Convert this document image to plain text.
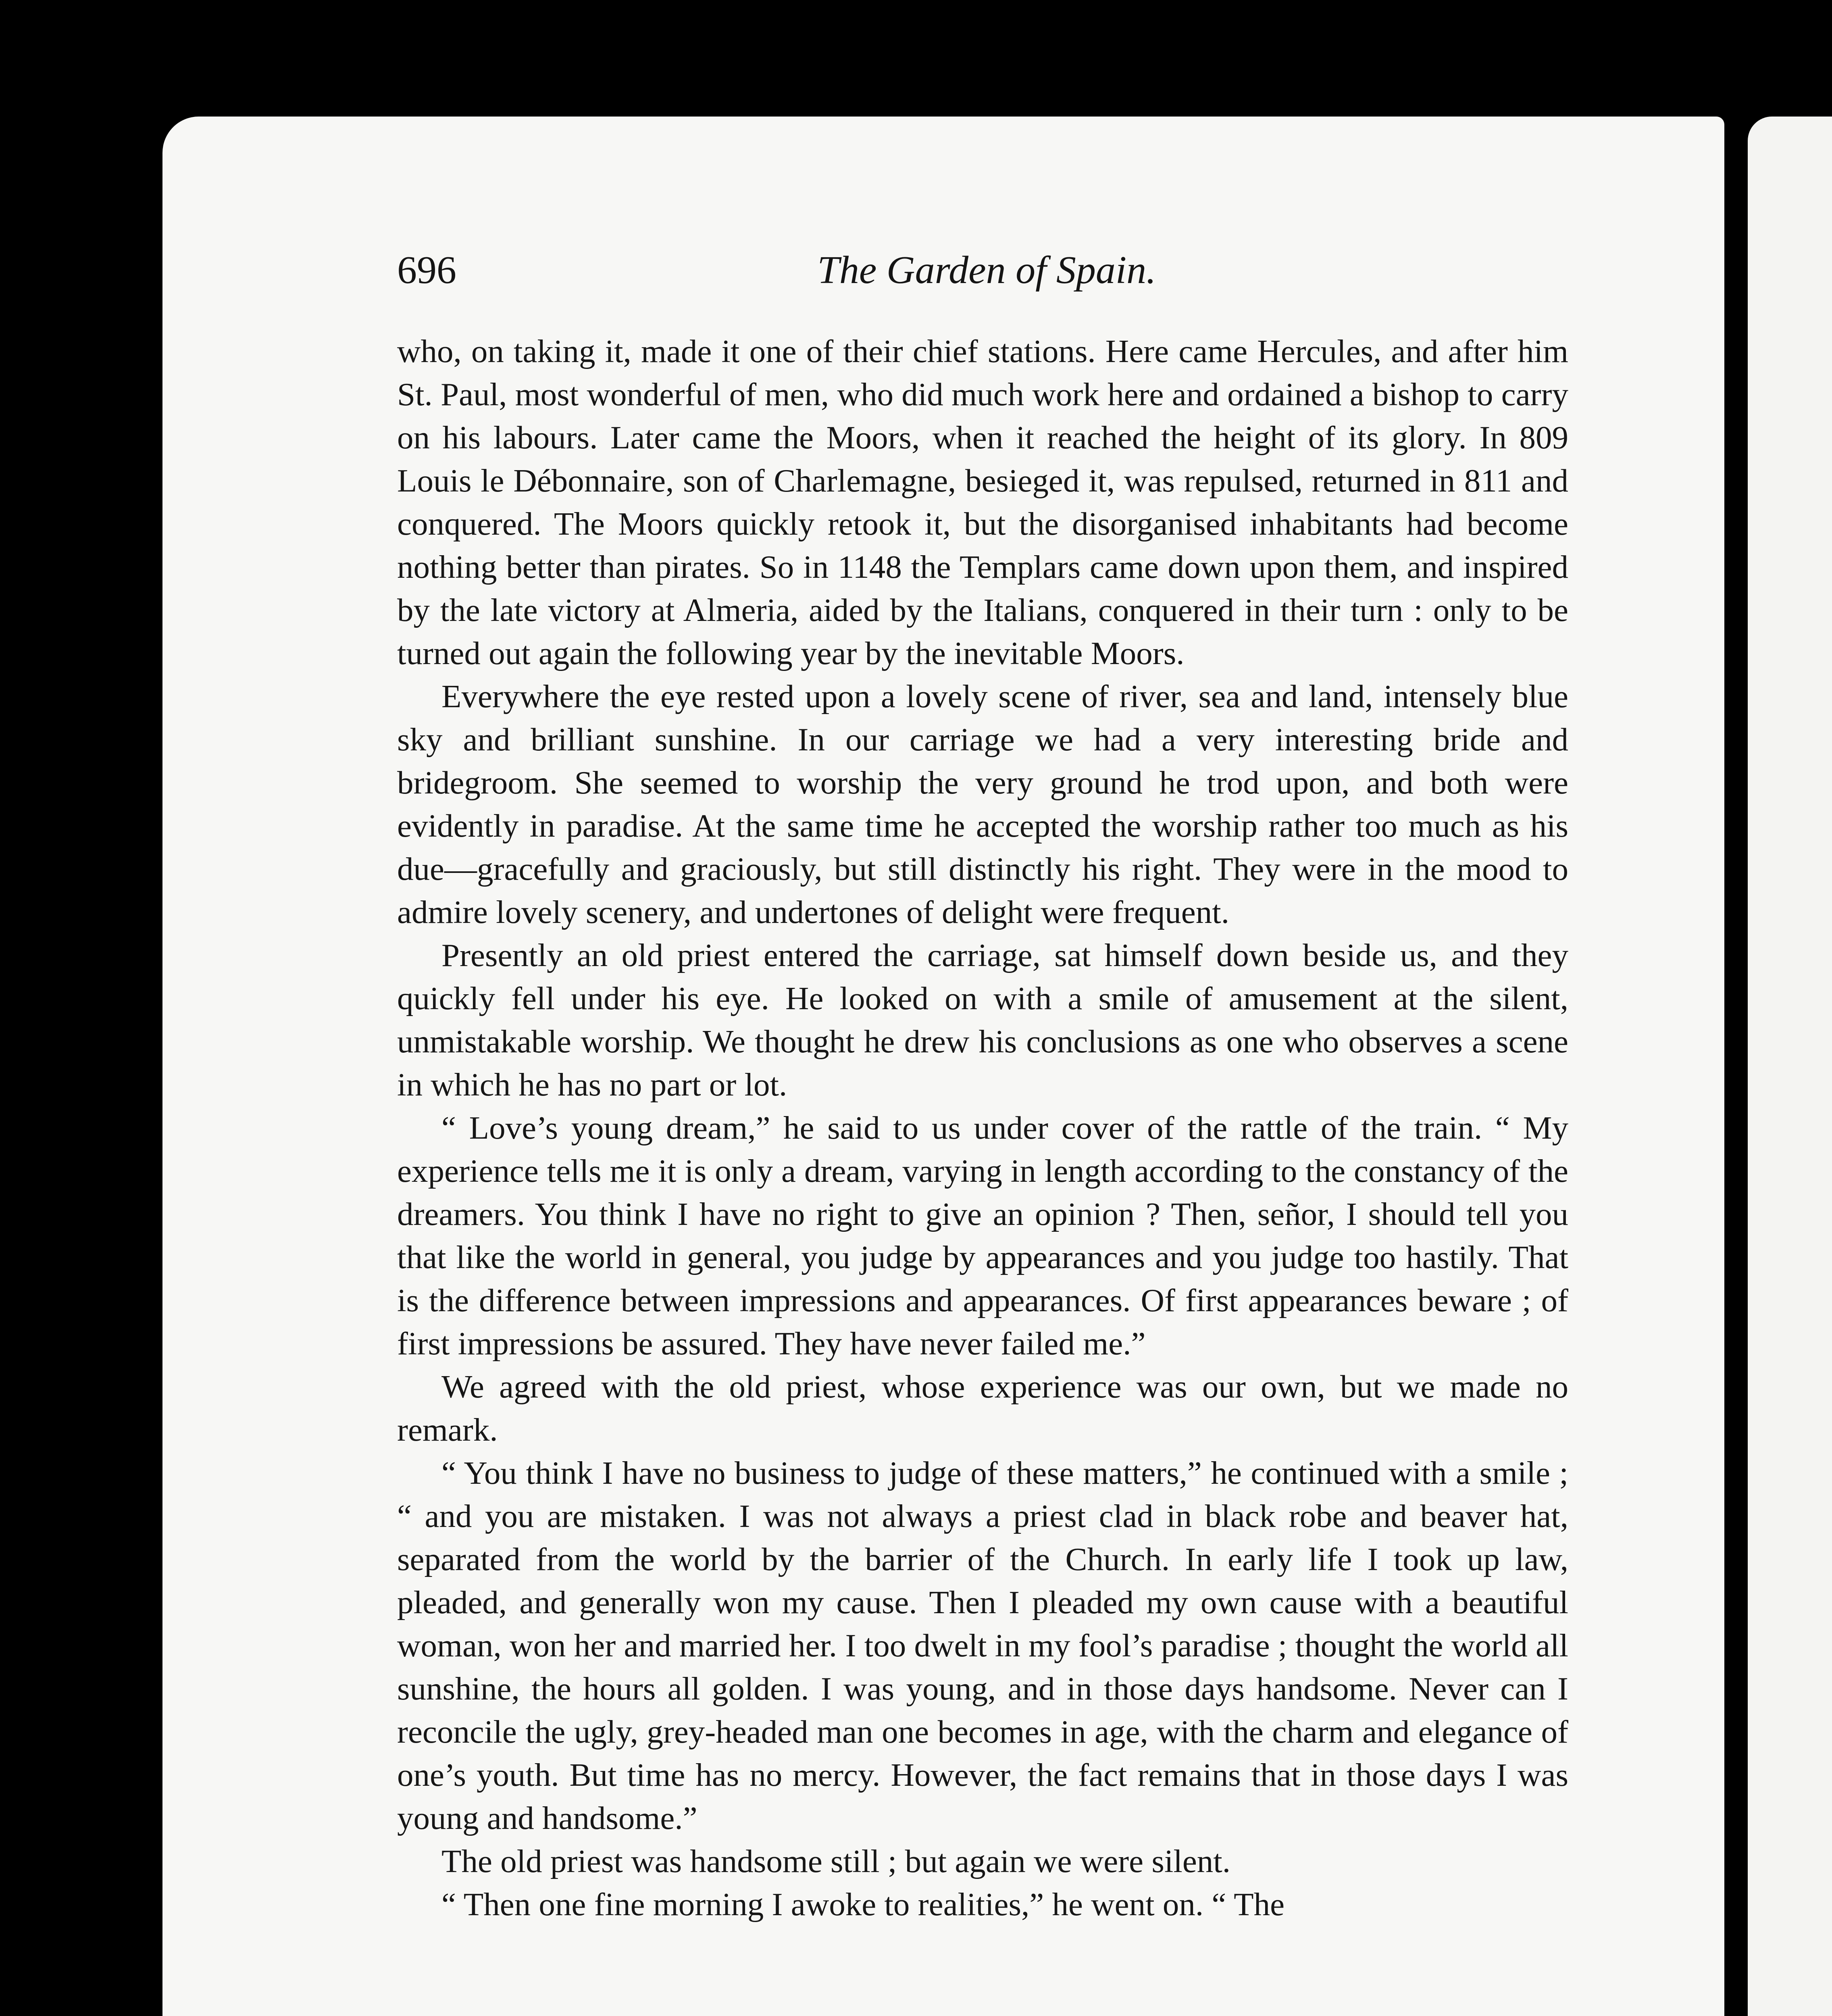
696	The Garden of Spain.

who, on taking it, made it one of their chief stations. Here came Hercules, and after him St. Paul, most wonderful of men, who did much work here and ordained a bishop to carry on his labours. Later came the Moors, when it reached the height of its glory. In 809 Louis le Débonnaire, son of Charlemagne, besieged it, was repulsed, returned in 811 and conquered. The Moors quickly retook it, but the disorganised inhabitants had become nothing better than pirates. So in 1148 the Templars came down upon them, and inspired by the late victory at Almeria, aided by the Italians, conquered in their turn : only to be turned out again the following year by the inevitable Moors.

Everywhere the eye rested upon a lovely scene of river, sea and land, intensely blue sky and brilliant sunshine. In our carriage we had a very interesting bride and bridegroom. She seemed to worship the very ground he trod upon, and both were evidently in paradise. At the same time he accepted the worship rather too much as his due—gracefully and graciously, but still distinctly his right. They were in the mood to admire lovely scenery, and undertones of delight were frequent.

Presently an old priest entered the carriage, sat himself down beside us, and they quickly fell under his eye. He looked on with a smile of amusement at the silent, unmistakable worship. We thought he drew his conclusions as one who observes a scene in which he has no part or lot.

“ Love’s young dream,” he said to us under cover of the rattle of the train. “ My experience tells me it is only a dream, varying in length according to the constancy of the dreamers. You think I have no right to give an opinion ? Then, señor, I should tell you that like the world in general, you judge by appearances and you judge too hastily. That is the difference between impressions and appearances. Of first appearances beware ; of first impressions be assured. They have never failed me.”

We agreed with the old priest, whose experience was our own, but we made no remark.

“ You think I have no business to judge of these matters,” he continued with a smile ; “ and you are mistaken. I was not always a priest clad in black robe and beaver hat, separated from the world by the barrier of the Church. In early life I took up law, pleaded, and generally won my cause. Then I pleaded my own cause with a beautiful woman, won her and married her. I too dwelt in my fool’s paradise ; thought the world all sunshine, the hours all golden. I was young, and in those days handsome. Never can I reconcile the ugly, grey-headed man one becomes in age, with the charm and elegance of one’s youth. But time has no mercy. However, the fact remains that in those days I was young and handsome.”

The old priest was handsome still ; but again we were silent.

“ Then one fine morning I awoke to realities,” he went on. “ The
